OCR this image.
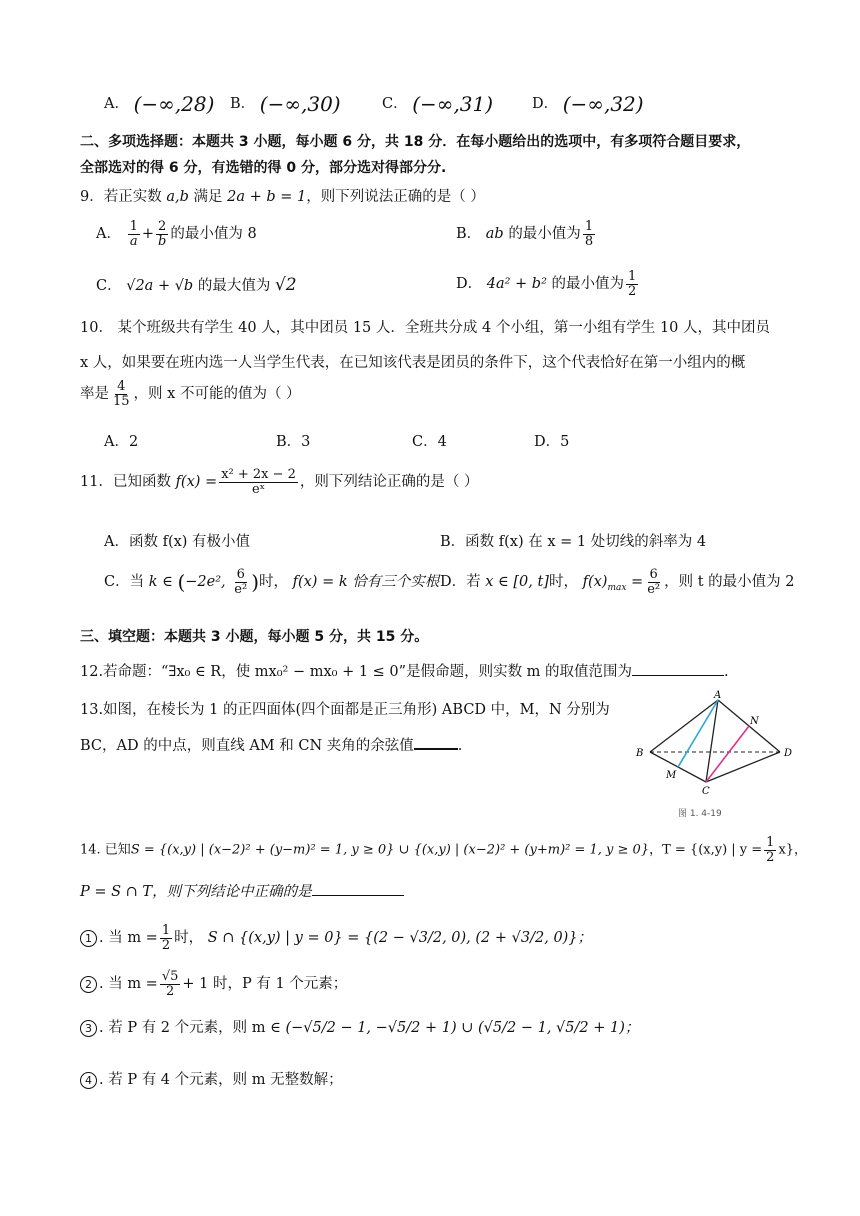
A． (−∞,28) B． (−∞,30)	C． (−∞,31)	D． (−∞,32)
二、多项选择题：本题共 3 小题，每小题 6 分，共 18 分．在每小题给出的选项中，有多项符合题目要求，
全部选对的得 6 分，有选错的得 0 分，部分选对得部分分.
9．若正实数 a,b 满足 2a + b = 1，则下列说法正确的是（ ）
A． $\frac{1}{a} + \frac{2}{b}$ 的最小值为 8	B． ab 的最小值为 $\frac{1}{8}$
C． √2a + √b 的最大值为 √2	D． 4a² + b² 的最小值为 $\frac{1}{2}$
10． 某个班级共有学生 40 人，其中团员 15 人．全班共分成 4 个小组，第一小组有学生 10 人，其中团员
x 人，如果要在班内选一人当学生代表，在已知该代表是团员的条件下，这个代表恰好在第一小组内的概
率是 $\frac{4}{15}$ ，则 x 不可能的值为（ ）
A．2	B．3	C．4	D．5
11．已知函数 $f(x) = \frac{\text{x² + 2x − 2}}{\text{eˣ}}$ ，则下列结论正确的是（ ）
A．函数 f(x) 有极小值	B．函数 f(x) 在 x = 1 处切线的斜率为 4
C．当 k ∈ (−2e², $\frac{6}{\text{e²}}$ )时， f(x) = k 恰有三个实根 D．若 x ∈ [0, t]时， $f(x)_{max} = \frac{6}{\text{e²}}$ ，则 t 的最小值为 2
三、填空题：本题共 3 小题，每小题 5 分，共 15 分。
12.若命题：“∃x₀ ∈ R，使 mx₀² − mx₀ + 1 ≤ 0”是假命题，则实数 m 的取值范围为	.
13.如图，在棱长为 1 的正四面体(四个面都是正三角形) ABCD 中，M，N 分别为
BC，AD 的中点，则直线 AM 和 CN 夹角的余弦值	.
A
B
C
D
M
N
图 1. 4-19
14. 已知S = {(x,y) | (x−2)² + (y−m)² = 1, y ≥ 0} ∪ {(x,y) | (x−2)² + (y+m)² = 1, y ≥ 0}，T = {(x,y) | $y = \frac{1}{2} x$}，
P = S ∩ T，则下列结论中正确的是
1 . 当 $m = \frac{1}{2}$ 时， S ∩ {(x,y) | y = 0} = {(2 − √3/2, 0), (2 + √3/2, 0)}；
2 . 当 $m = \frac{√5}{2} + 1$ 时，P 有 1 个元素；
3 . 若 P 有 2 个元素，则 m ∈ (−√5/2 − 1, −√5/2 + 1) ∪ (√5/2 − 1, √5/2 + 1)；
4 . 若 P 有 4 个元素，则 m 无整数解；
